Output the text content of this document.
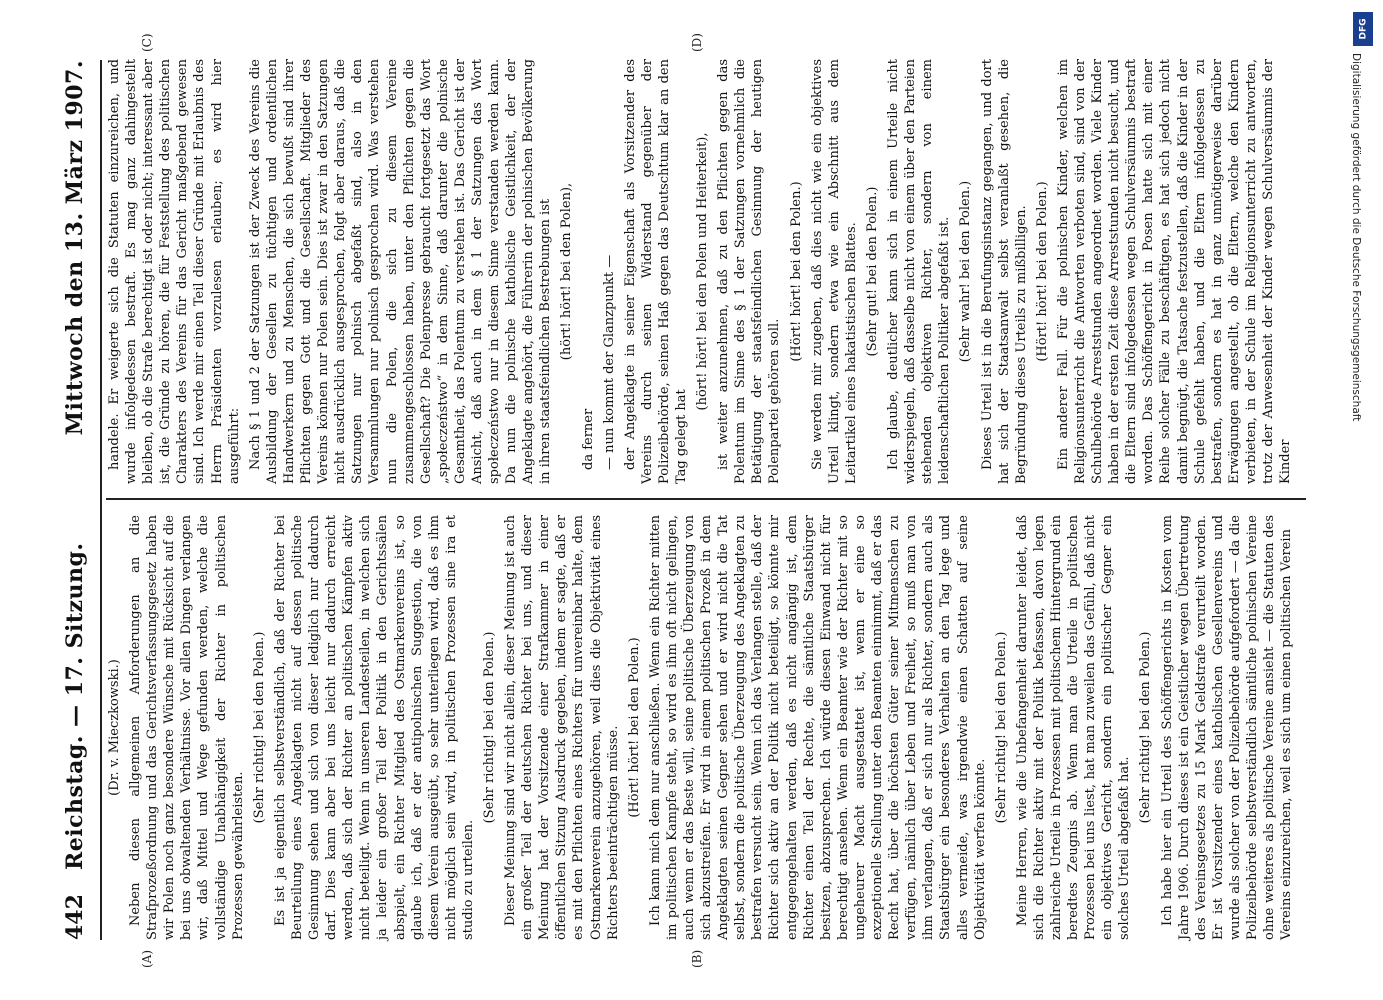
442
Reichstag. — 17. Sitzung.
Mittwoch den 13. März 1907.
(A)	(B)
(C)	(D)

(Dr. v. Mieczkowski.) Neben diesen allgemeinen Anforderungen an die Strafprozeßordnung und das Gerichtsverfassungsgesetz haben wir Polen noch ganz besondere Wünsche mit Rücksicht auf die bei uns obwaltenden Verhältnisse. Vor allen Dingen verlangen wir, daß Mittel und Wege gefunden werden, welche die vollständige Unabhängigkeit der Richter in politischen Prozessen gewährleisten.

(Sehr richtig! bei den Polen.) Es ist ja eigentlich selbstverständlich, daß der Richter bei Beurteilung eines Angeklagten nicht auf dessen politische Gesinnung sehen und sich von dieser lediglich nur dadurch darf. Dies kann aber bei uns leicht nur dadurch erreicht werden, daß sich der Richter an politischen Kämpfen aktiv nicht beteiligt. Wenn in unseren Landesteilen, in welchen sich ja leider ein großer Teil der Politik in den Gerichtssälen abspielt, ein Richter Mitglied des Ostmarkenvereins ist, so glaube ich, daß er der antipolnischen Suggestion, die von diesem Verein ausgeübt, so sehr unterliegen wird, daß es ihm nicht möglich sein wird, in politischen Prozessen sine ira et studio zu urteilen.

(Sehr richtig! bei den Polen.) Dieser Meinung sind wir nicht allein, dieser Meinung ist auch ein großer Teil der deutschen Richter bei uns, und dieser Meinung hat der Vorsitzende einer Strafkammer in einer öffentlichen Sitzung Ausdruck gegeben, indem er sagte, daß er es mit den Pflichten eines Richters für unvereinbar halte, dem Ostmarkenverein anzugehören, weil dies die Objektivität eines Richters beeinträchtigen müsse. (Hört! hört! bei den Polen.) Ich kann mich dem nur anschließen. Wenn ein Richter mitten im politischen Kampfe steht, so wird es ihm oft nicht gelingen, auch wenn er das Beste will, seine politische Überzeugung von sich abzustreifen. Er wird in einem politischen Prozeß in dem Angeklagten seinen Gegner sehen und er wird nicht die Tat selbst, sondern die politische Überzeugung des Angeklagten zu bestrafen versucht sein. Wenn ich das Verlangen stelle, daß der Richter sich aktiv an der Politik nicht beteiligt, so könnte mir entgegengehalten werden, daß es nicht angängig ist, dem Richter einen Teil der Rechte, die sämtliche Staatsbürger besitzen, abzusprechen. Ich würde diesen Einwand nicht für berechtigt ansehen. Wenn ein Beamter wie der Richter mit so ungeheurer Macht ausgestattet ist, wenn er eine so exzeptionelle Stellung unter den Beamten einnimmt, daß er das Recht hat, über die höchsten Güter seiner Mitmenschen zu verfügen, nämlich über Leben und Freiheit, so muß man von ihm verlangen, daß er sich nur als Richter, sondern auch als Staatsbürger ein besonderes Verhalten an den Tag lege und alles vermeide, was irgendwie einen Schatten auf seine Objektivität werfen könnte.

(Sehr richtig! bei den Polen.) Meine Herren, wie die Unbefangenheit darunter leidet, daß sich die Richter aktiv mit der Politik befassen, davon legen zahlreiche Urteile in Prozessen mit politischem Hintergrund ein beredtes Zeugnis ab. Wenn man die Urteile in politischen Prozessen bei uns liest, hat man zuweilen das Gefühl, daß nicht ein objektives Gericht, sondern ein politischer Gegner ein solches Urteil abgefaßt hat.

(Sehr richtig! bei den Polen.) Ich habe hier ein Urteil des Schöffengerichts in Kosten vom Jahre 1906. Durch dieses ist ein Geistlicher wegen Übertretung des Vereinsgesetzes zu 15 Mark Geldstrafe verurteilt worden. Er ist Vorsitzender eines katholischen Gesellenvereins und wurde als solcher von der Polizeibehörde aufgefordert — da die Polizeibehörde selbstverständlich sämtliche polnischen Vereine ohne weiteres als politische Vereine ansieht — die Statuten des Vereins einzureichen, weil es sich um einen politischen Verein

handele. Er weigerte sich die Statuten einzureichen, und wurde infolgedessen bestraft. Es mag ganz dahingestellt bleiben, ob die Strafe berechtigt ist oder nicht; interessant aber ist, die Gründe zu hören, die für Feststellung des politischen Charakters des Vereins für das Gericht maßgebend gewesen sind. Ich werde mir einen Teil dieser Gründe mit Erlaubnis des Herrn Präsidenten vorzulesen erlauben; es wird hier ausgeführt: Nach § 1 und 2 der Satzungen ist der Zweck des Vereins die Ausbildung der Gesellen zu tüchtigen und ordentlichen Handwerkern und zu Menschen, die sich bewußt sind ihrer Pflichten gegen Gott und die Gesellschaft. Mitglieder des Vereins können nur Polen sein. Dies ist zwar in den Satzungen nicht ausdrücklich ausgesprochen, folgt aber daraus, daß die Satzungen nur polnisch abgefaßt sind, also in den Versammlungen nur polnisch gesprochen wird. Was verstehen nun die Polen, die sich zu diesem Vereine zusammengeschlossen haben, unter den Pflichten gegen die Gesellschaft? Die Polenpresse gebraucht fortgesetzt das Wort „społeczeństwo“ in dem Sinne, daß darunter die polnische Gesamtheit, das Polentum zu verstehen ist. Das Gericht ist der Ansicht, daß auch in dem § 1 der Satzungen das Wort społeczeństwo nur in diesem Sinne verstanden werden kann. Da nun die polnische katholische Geistlichkeit, der der Angeklagte angehört, die Führerin der polnischen Bevölkerung in ihren staatsfeindlichen Bestrebungen ist (hört! hört! bei den Polen),

da ferner — nun kommt der Glanzpunkt — der Angeklagte in seiner Eigenschaft als Vorsitzender des Vereins durch seinen Widerstand gegenüber der Polizeibehörde, seinen Haß gegen das Deutschtum klar an den Tag gelegt hat

(hört! hört! bei den Polen und Heiterkeit), ist weiter anzunehmen, daß zu den Pflichten gegen das Polentum im Sinne des § 1 der Satzungen vornehmlich die Betätigung der staatsfeindlichen Gesinnung der heutigen Polenpartei gehören soll.

(Hört! hört! bei den Polen.) Sie werden mir zugeben, daß dies nicht wie ein objektives Urteil klingt, sondern etwa wie ein Abschnitt aus dem Leitartikel eines hakatistischen Blattes. (Sehr gut! bei den Polen.) Ich glaube, deutlicher kann sich in einem Urteile nicht widerspiegeln, daß dasselbe nicht von einem über den Parteien stehenden objektiven Richter, sondern von einem leidenschaftlichen Politiker abgefaßt ist. (Sehr wahr! bei den Polen.) Dieses Urteil ist in die Berufungsinstanz gegangen, und dort hat sich der Staatsanwalt selbst veranlaßt gesehen, die Begründung dieses Urteils zu mißbilligen. (Hört! hört! bei den Polen.) Ein anderer Fall. Für die polnischen Kinder, welchen im Religionsunterricht die Antworten verboten sind, sind von der Schulbehörde Arreststunden angeordnet worden. Viele Kinder haben in der ersten Zeit diese Arreststunden nicht besucht, und die Eltern sind infolgedessen wegen Schulversäumnis bestraft worden. Das Schöffengericht in Posen hatte sich mit einer Reihe solcher Fälle zu beschäftigen, es hat sich jedoch nicht damit begnügt, die Tatsache festzustellen, daß die Kinder in der Schule gefehlt haben, und die Eltern infolgedessen zu bestrafen, sondern es hat in ganz unnötigerweise darüber Erwägungen angestellt, ob die Eltern, welche den Kindern verbieten, in der Schule im Religionsunterricht zu antworten, trotz der Anwesenheit der Kinder wegen Schulversäumnis der Kinder

DFG
Digitalisierung gefördert durch die Deutsche Forschungsgemeinschaft
